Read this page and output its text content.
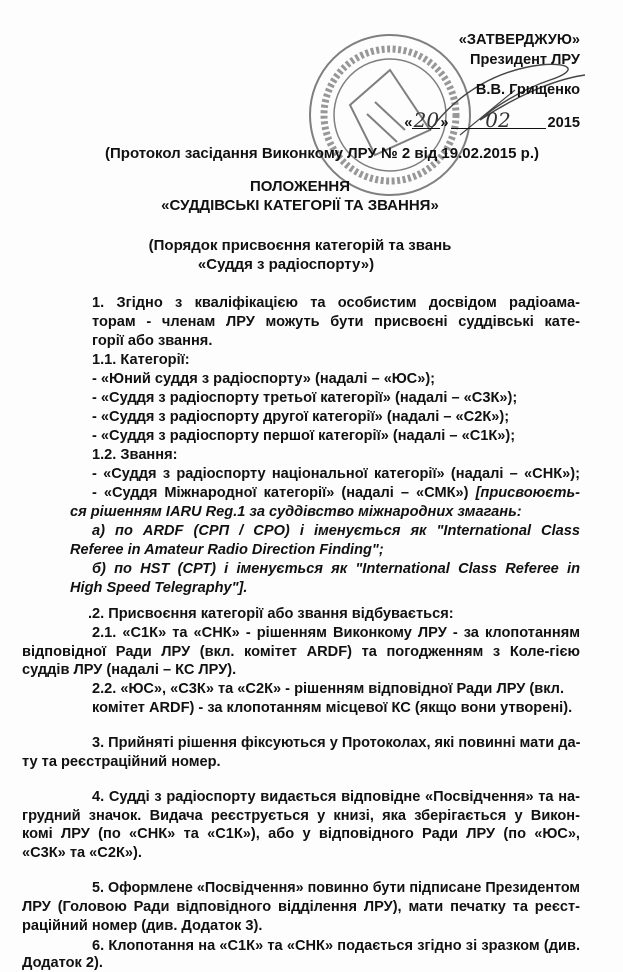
«ЗАТВЕРДЖУЮ»
Президент ЛРУ
В.В. Грищенко
«20» 02	2015
(Протокол засідання Виконкому ЛРУ № 2 від 19.02.2015 р.)
ПОЛОЖЕННЯ
«СУДДІВСЬКІ КАТЕГОРІЇ ТА ЗВАННЯ»
(Порядок присвоєння категорій та звань
«Суддя з радіоспорту»)
1. Згідно з кваліфікацією та особистим досвідом радіоама-
торам - членам ЛРУ можуть бути присвоєні суддівські кате-
горії або звання.
1.1. Категорії:
- «Юний суддя з радіоспорту» (надалі – «ЮС»);
- «Суддя з радіоспорту третьої категорії» (надалі – «С3К»);
- «Суддя з радіоспорту другої категорії» (надалі – «С2К»);
- «Суддя з радіоспорту першої категорії» (надалі – «С1К»);
1.2. Звання:
- «Суддя з радіоспорту національної категорії» (надалі – «СНК»);
- «Суддя Міжнародної категорії» (надалі – «СМК») [присвоюєть-
ся рішенням IARU Reg.1 за суддівство міжнародних змагань:
а) по ARDF (СРП / СРО) і іменується як "International Class
Referee in Amateur Radio Direction Finding";
б) по HST (СРТ) і іменується як "International Class Referee in
High Speed Telegraphy"].
.2. Присвоєння категорії або звання відбувається:
2.1. «С1К» та «СНК» - рішенням Виконкому ЛРУ - за клопотанням
відповідної Ради ЛРУ (вкл. комітет ARDF) та погодженням з Коле-гією
суддів ЛРУ (надалі – КС ЛРУ).
2.2. «ЮС», «С3К» та «С2К» - рішенням відповідної Ради ЛРУ (вкл.
комітет ARDF) - за клопотанням місцевої КС (якщо вони утворені).
3. Прийняті рішення фіксуються у Протоколах, які повинні мати да-
ту та реєстраційний номер.
4. Судді з радіоспорту видається відповідне «Посвідчення» та на-
грудний значок. Видача реєструється у книзі, яка зберігається у Викон-
комі ЛРУ (по «СНК» та «С1К»), або у відповідного Ради ЛРУ (по «ЮС»,
«С3К» та «С2К»).
5. Оформлене «Посвідчення» повинно бути підписане Президентом
ЛРУ (Головою Ради відповідного відділення ЛРУ), мати печатку та реєст-
раційний номер (див. Додаток 3).
6. Клопотання на «С1К» та «СНК» подається згідно зі зразком (див.
Додаток 2).
